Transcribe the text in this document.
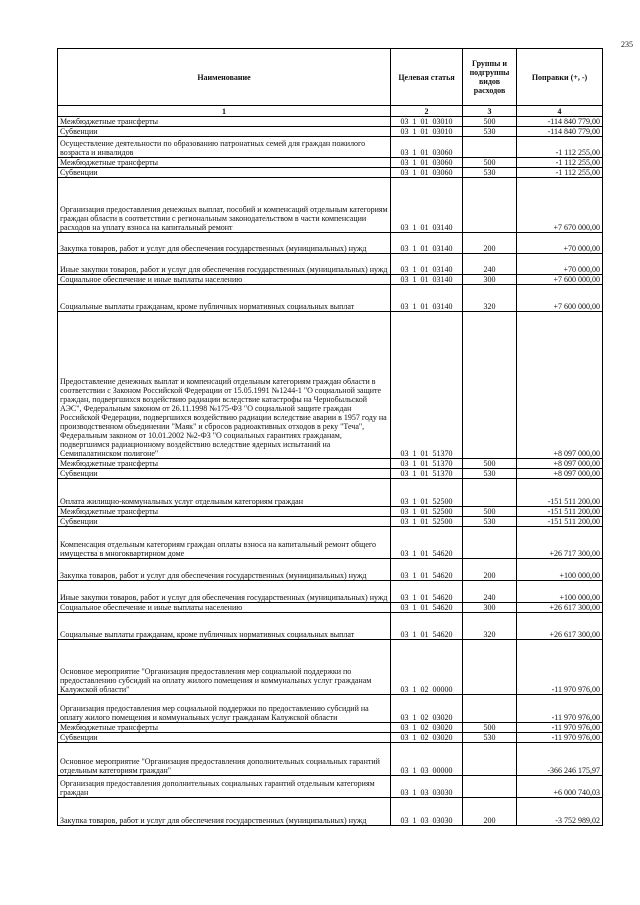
235
Наименование	Целевая статья	Группы и подгруппы видов расходов	Поправки (+, -)
1	2	3	4
Межбюджетные трансферты	03  1  01  03010	500	-114 840 779,00
Субвенции	03  1  01  03010	530	-114 840 779,00
Осуществление деятельности по образованию патронатных семей для граждан пожилого возраста и инвалидов	03  1  01  03060		-1 112 255,00
Межбюджетные трансферты	03  1  01  03060	500	-1 112 255,00
Субвенции	03  1  01  03060	530	-1 112 255,00
Организация предоставления денежных выплат, пособий и компенсаций отдельным категориям граждан области в соответствии с региональным законодательством в части компенсации расходов на уплату взноса на капитальный ремонт	03  1  01  03140		+7 670 000,00
Закупка товаров, работ и услуг для обеспечения государственных (муниципальных) нужд	03  1  01  03140	200	+70 000,00
Иные закупки товаров, работ и услуг для обеспечения государственных (муниципальных) нужд	03  1  01  03140	240	+70 000,00
Социальное обеспечение и иные выплаты населению	03  1  01  03140	300	+7 600 000,00
Социальные выплаты гражданам, кроме публичных нормативных социальных выплат	03  1  01  03140	320	+7 600 000,00
Предоставление денежных выплат и компенсаций отдельным категориям граждан области в соответствии с Законом Российской Федерации от 15.05.1991 №1244-1 "О социальной защите граждан, подвергшихся воздействию радиации вследствие катастрофы на Чернобыльской АЭС", Федеральным законом от 26.11.1998 №175-ФЗ "О социальной защите граждан Российской Федерации, подвергшихся воздействию радиации вследствие аварии в 1957 году на производственном объединении "Маяк" и сбросов радиоактивных отходов в реку "Теча", Федеральным законом от 10.01.2002 №2-ФЗ "О социальных гарантиях гражданам, подвергшимся радиационному воздействию вследствие ядерных испытаний на Семипалатинском полигоне"	03  1  01  51370		+8 097 000,00
Межбюджетные трансферты	03  1  01  51370	500	+8 097 000,00
Субвенции	03  1  01  51370	530	+8 097 000,00
Оплата жилищно-коммунальных услуг отдельным категориям граждан	03  1  01  52500		-151 511 200,00
Межбюджетные трансферты	03  1  01  52500	500	-151 511 200,00
Субвенции	03  1  01  52500	530	-151 511 200,00
Компенсация отдельным категориям граждан оплаты взноса на капитальный ремонт общего имущества в многоквартирном доме	03  1  01  54620		+26 717 300,00
Закупка товаров, работ и услуг для обеспечения государственных (муниципальных) нужд	03  1  01  54620	200	+100 000,00
Иные закупки товаров, работ и услуг для обеспечения государственных (муниципальных) нужд	03  1  01  54620	240	+100 000,00
Социальное обеспечение и иные выплаты населению	03  1  01  54620	300	+26 617 300,00
Социальные выплаты гражданам, кроме публичных нормативных социальных выплат	03  1  01  54620	320	+26 617 300,00
Основное мероприятие "Организация предоставления мер социальной поддержки по предоставлению субсидий на оплату жилого помещения и коммунальных услуг гражданам Калужской области"	03  1  02  00000		-11 970 976,00
Организация предоставления мер социальной поддержки по предоставлению субсидий на оплату жилого помещения и коммунальных услуг гражданам Калужской области	03  1  02  03020		-11 970 976,00
Межбюджетные трансферты	03  1  02  03020	500	-11 970 976,00
Субвенции	03  1  02  03020	530	-11 970 976,00
Основное мероприятие "Организация предоставления дополнительных социальных гарантий отдельным категориям граждан"	03  1  03  00000		-366 246 175,97
Организация предоставления дополнительных социальных гарантий отдельным категориям граждан	03  1  03  03030		+6 000 740,03
Закупка товаров, работ и услуг для обеспечения государственных (муниципальных) нужд	03  1  03  03030	200	-3 752 989,02
